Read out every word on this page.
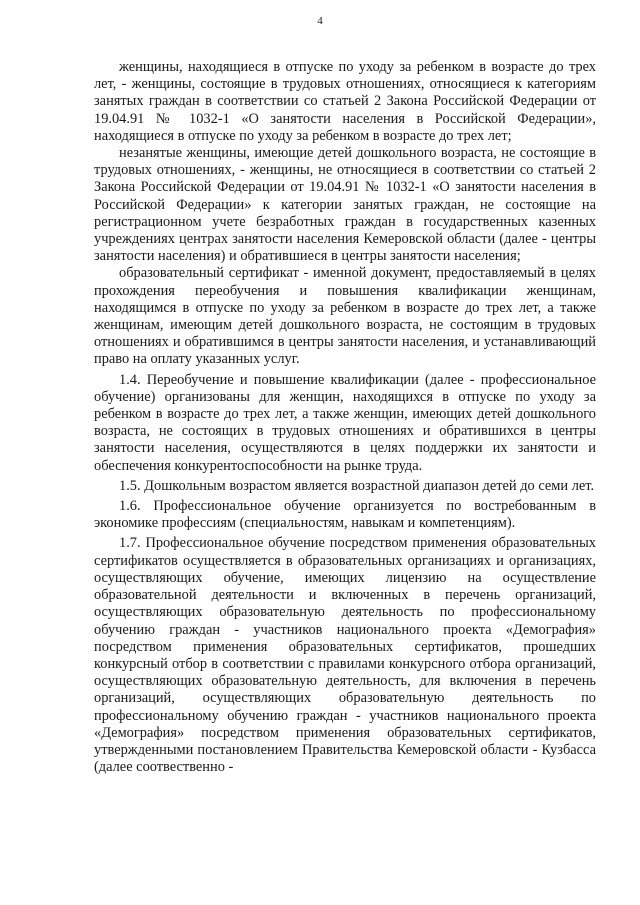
4

женщины, находящиеся в отпуске по уходу за ребенком в возрасте до трех лет, - женщины, состоящие в трудовых отношениях, относящиеся к категориям занятых граждан в соответствии со статьей 2 Закона Российской Федерации от 19.04.91 № 1032-1 «О занятости населения в Российской Федерации», находящиеся в отпуске по уходу за ребенком в возрасте до трех лет;

незанятые женщины, имеющие детей дошкольного возраста, не состоящие в трудовых отношениях, - женщины, не относящиеся в соответствии со статьей 2 Закона Российской Федерации от 19.04.91 № 1032-1 «О занятости населения в Российской Федерации» к категории занятых граждан, не состоящие на регистрационном учете безработных граждан в государственных казенных учреждениях центрах занятости населения Кемеровской области (далее - центры занятости населения) и обратившиеся в центры занятости населения;

образовательный сертификат - именной документ, предоставляемый в целях прохождения переобучения и повышения квалификации женщинам, находящимся в отпуске по уходу за ребенком в возрасте до трех лет, а также женщинам, имеющим детей дошкольного возраста, не состоящим в трудовых отношениях и обратившимся в центры занятости населения, и устанавливающий право на оплату указанных услуг.

1.4. Переобучение и повышение квалификации (далее - профессиональное обучение) организованы для женщин, находящихся в отпуске по уходу за ребенком в возрасте до трех лет, а также женщин, имеющих детей дошкольного возраста, не состоящих в трудовых отношениях и обратившихся в центры занятости населения, осуществляются в целях поддержки их занятости и обеспечения конкурентоспособности на рынке труда.

1.5. Дошкольным возрастом является возрастной диапазон детей до семи лет.

1.6. Профессиональное обучение организуется по востребованным в экономике профессиям (специальностям, навыкам и компетенциям).

1.7. Профессиональное обучение посредством применения образовательных сертификатов осуществляется в образовательных организациях и организациях, осуществляющих обучение, имеющих лицензию на осуществление образовательной деятельности и включенных в перечень организаций, осуществляющих образовательную деятельность по профессиональному обучению граждан - участников национального проекта «Демография» посредством применения образовательных сертификатов, прошедших конкурсный отбор в соответствии с правилами конкурсного отбора организаций, осуществляющих образовательную деятельность, для включения в перечень организаций, осуществляющих образовательную деятельность по профессиональному обучению граждан - участников национального проекта «Демография» посредством применения образовательных сертификатов, утвержденными постановлением Правительства Кемеровской области - Кузбасса (далее соотвественно -
